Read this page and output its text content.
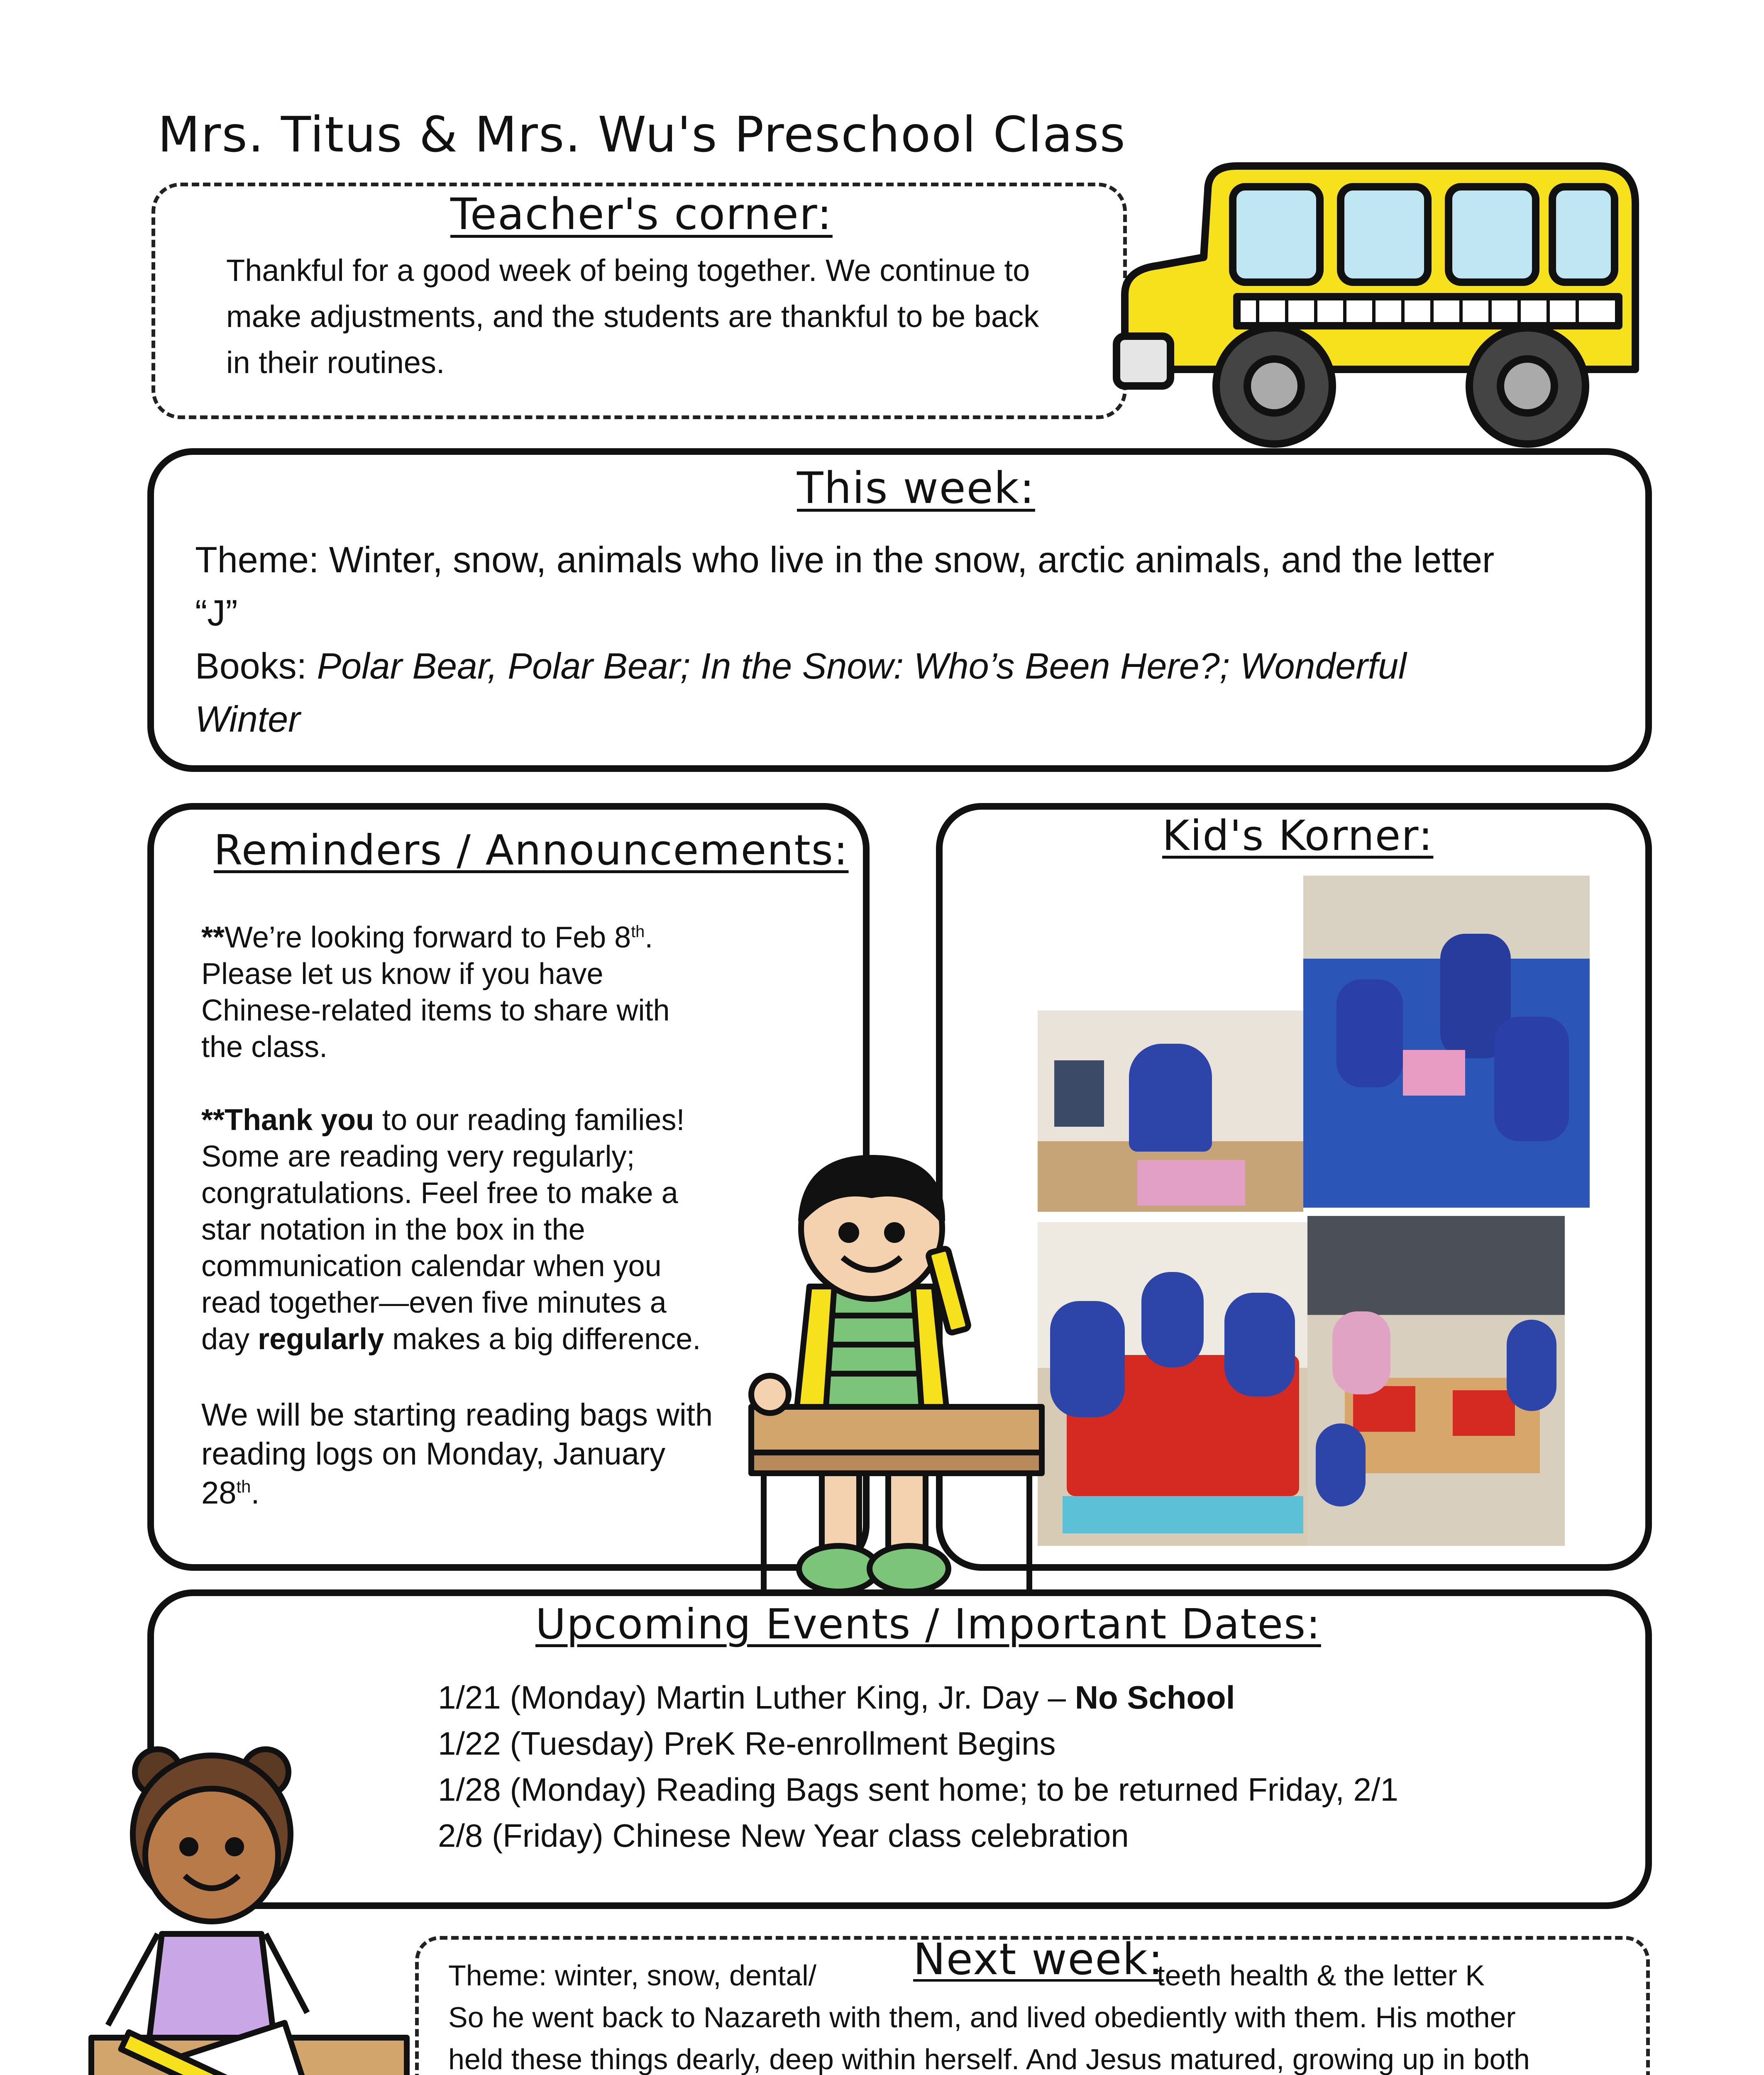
Mrs. Titus & Mrs. Wu's Preschool Class
Teacher's corner:
Thankful for a good week of being together. We continue to
make adjustments, and the students are thankful to be back
in their routines.
This week:
Theme: Winter, snow, animals who live in the snow, arctic animals, and the letter
“J”
Books: Polar Bear, Polar Bear; In the Snow: Who’s Been Here?; Wonderful
Winter
Reminders / Announcements:
**We’re looking forward to Feb 8th.
Please let us know if you have
Chinese-related items to share with
the class.
**Thank you to our reading families!
Some are reading very regularly;
congratulations. Feel free to make a
star notation in the box in the
communication calendar when you
read together—even five minutes a
day regularly makes a big difference.
We will be starting reading bags with
reading logs on Monday, January
28th.
Kid's Korner:
Upcoming Events / Important Dates:
1/21 (Monday) Martin Luther King, Jr. Day – No School
1/22 (Tuesday) PreK Re-enrollment Begins
1/28 (Monday) Reading Bags sent home; to be returned Friday, 2/1
2/8 (Friday) Chinese New Year class celebration
Next week:
Theme: winter, snow, dental/	teeth health & the letter K
So he went back to Nazareth with them, and lived obediently with them. His mother
held these things dearly, deep within herself. And Jesus matured, growing up in both
